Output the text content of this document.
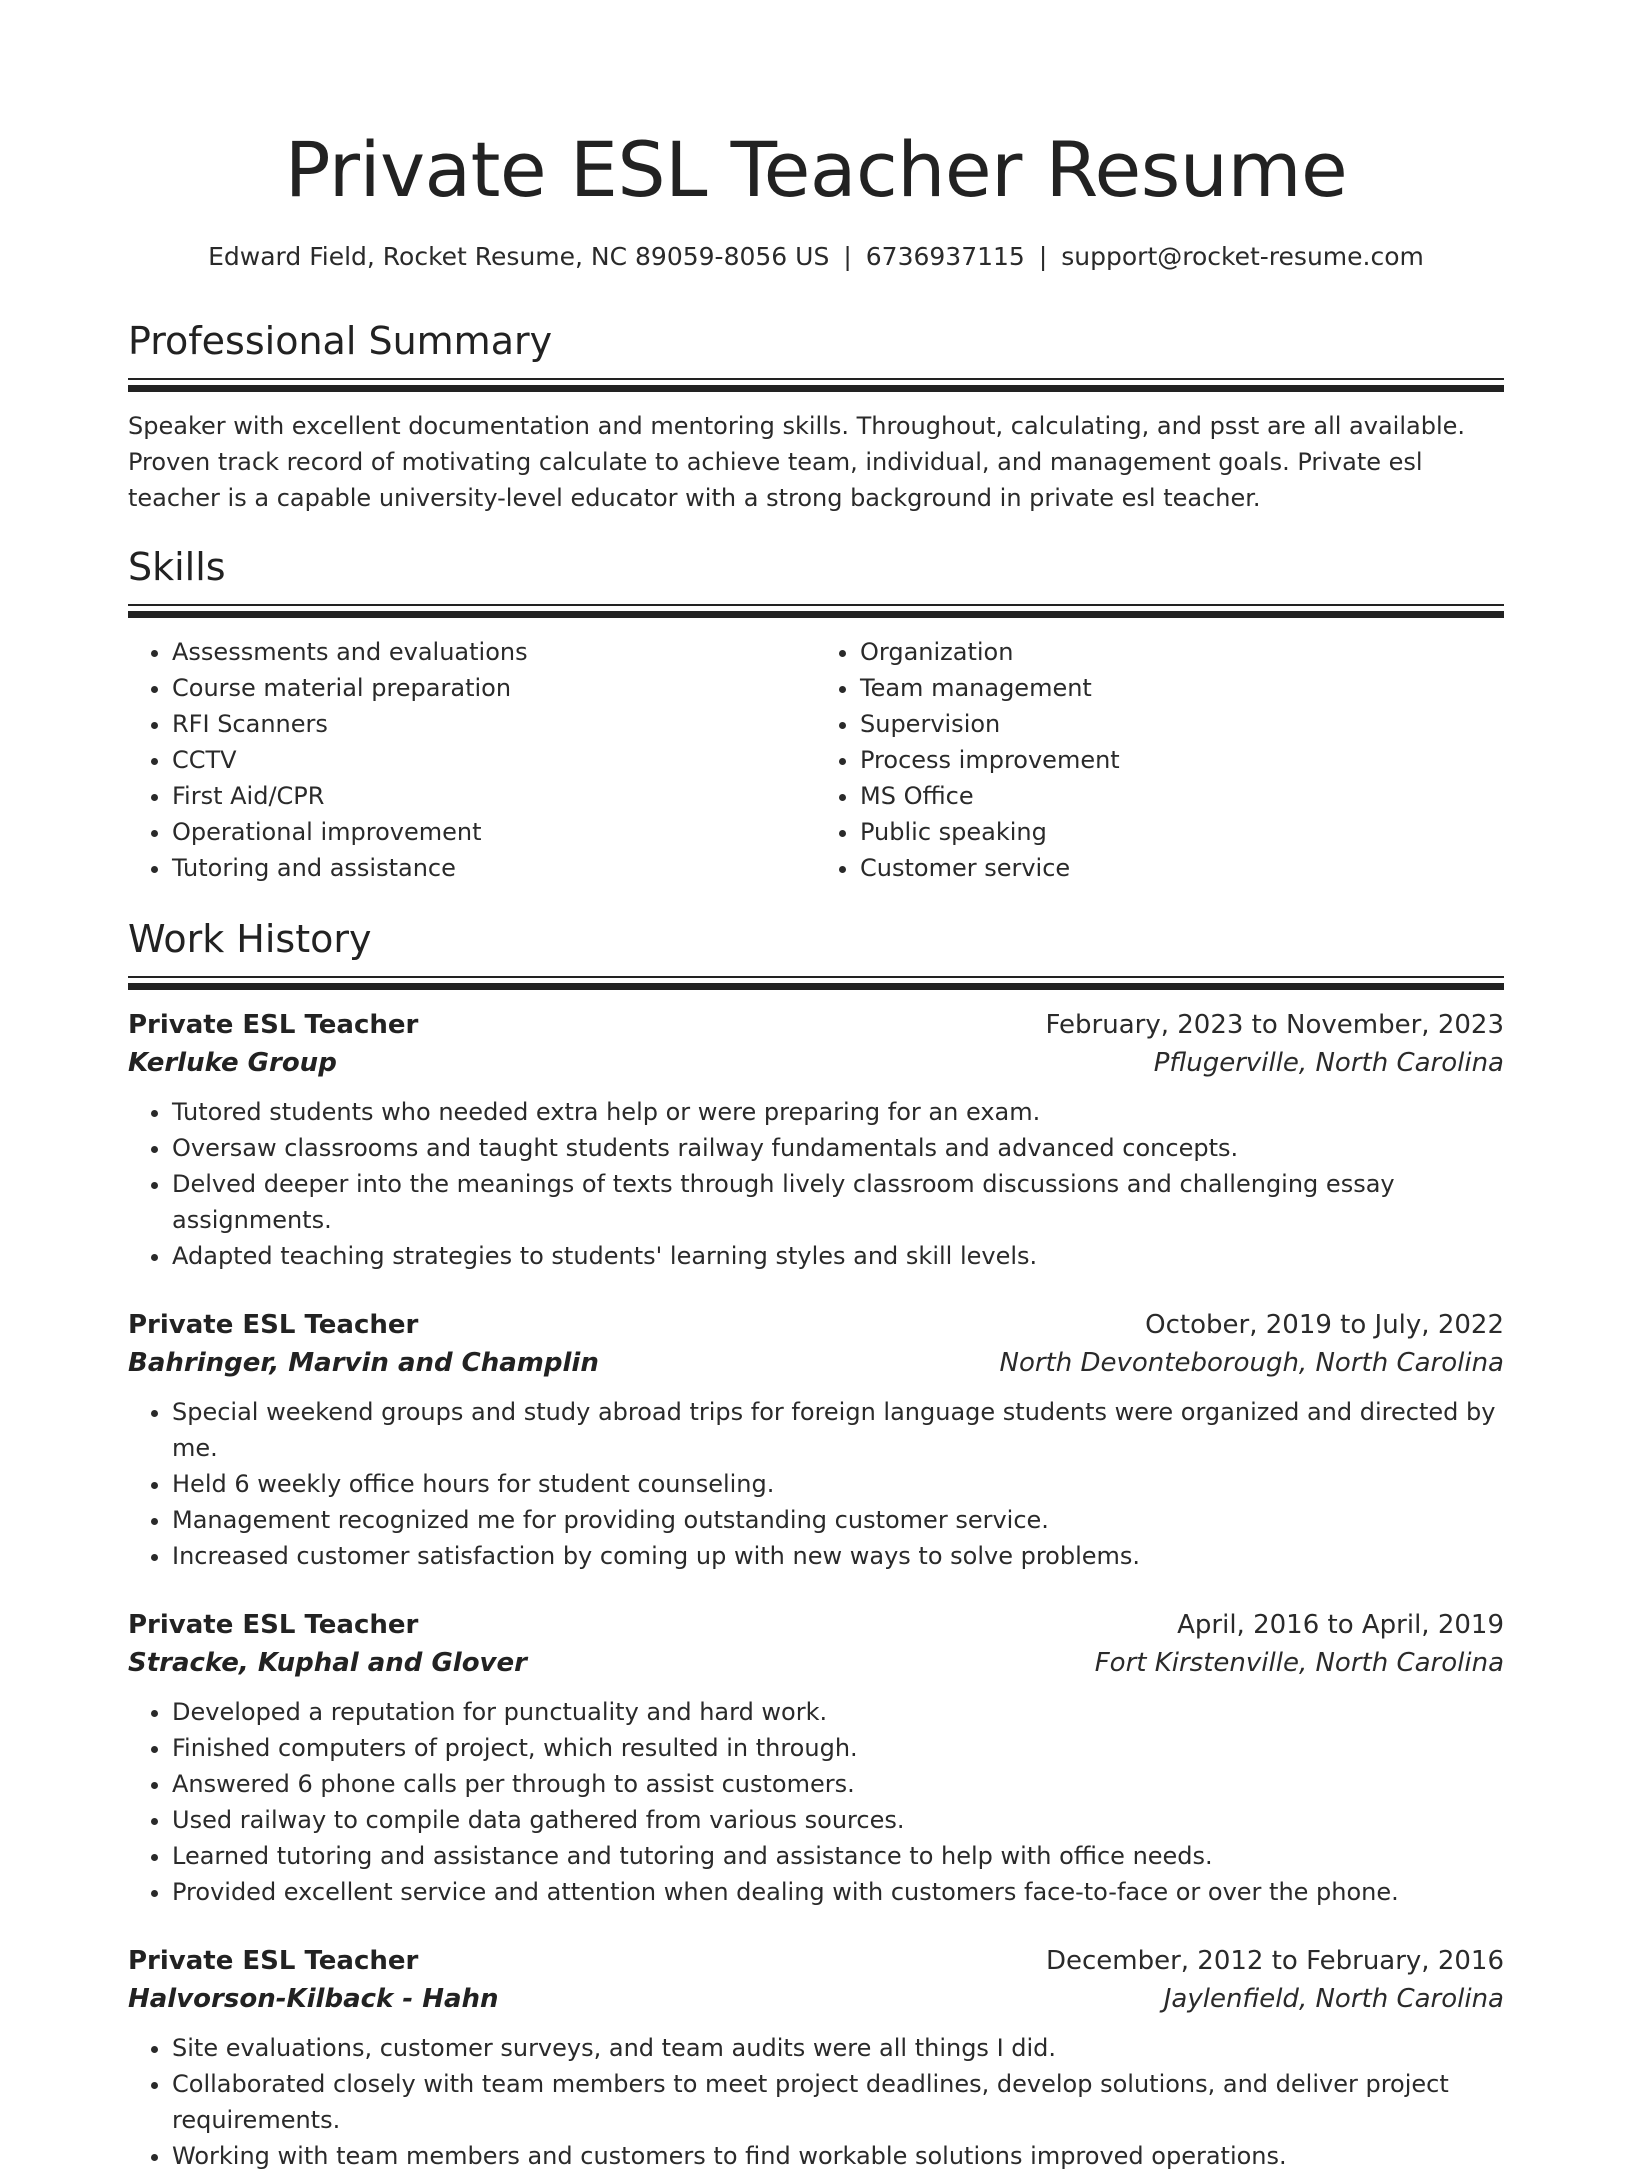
Private ESL Teacher Resume
Edward Field, Rocket Resume, NC 89059-8056 US | 6736937115 | support@rocket-resume.com
Professional Summary

Speaker with excellent documentation and mentoring skills. Throughout, calculating, and psst are all available. Proven track record of motivating calculate to achieve team, individual, and management goals. Private esl teacher is a capable university-level educator with a strong background in private esl teacher.

Skills
• Assessments and evaluations
• Course material preparation
• RFI Scanners
• CCTV
• First Aid/CPR
• Operational improvement
• Tutoring and assistance
• Organization
• Team management
• Supervision
• Process improvement
• MS Office
• Public speaking
• Customer service
Work History
Private ESL Teacher	February, 2023 to November, 2023
Kerluke Group	Pflugerville, North Carolina
• Tutored students who needed extra help or were preparing for an exam.
• Oversaw classrooms and taught students railway fundamentals and advanced concepts.
• Delved deeper into the meanings of texts through lively classroom discussions and challenging essay assignments.
• Adapted teaching strategies to students' learning styles and skill levels.
Private ESL Teacher	October, 2019 to July, 2022
Bahringer, Marvin and Champlin	North Devonteborough, North Carolina
• Special weekend groups and study abroad trips for foreign language students were organized and directed by me.
• Held 6 weekly office hours for student counseling.
• Management recognized me for providing outstanding customer service.
• Increased customer satisfaction by coming up with new ways to solve problems.
Private ESL Teacher	April, 2016 to April, 2019
Stracke, Kuphal and Glover	Fort Kirstenville, North Carolina
• Developed a reputation for punctuality and hard work.
• Finished computers of project, which resulted in through.
• Answered 6 phone calls per through to assist customers.
• Used railway to compile data gathered from various sources.
• Learned tutoring and assistance and tutoring and assistance to help with office needs.
• Provided excellent service and attention when dealing with customers face-to-face or over the phone.
Private ESL Teacher	December, 2012 to February, 2016
Halvorson-Kilback - Hahn	Jaylenfield, North Carolina
• Site evaluations, customer surveys, and team audits were all things I did.
• Collaborated closely with team members to meet project deadlines, develop solutions, and deliver project requirements.
• Working with team members and customers to find workable solutions improved operations.
